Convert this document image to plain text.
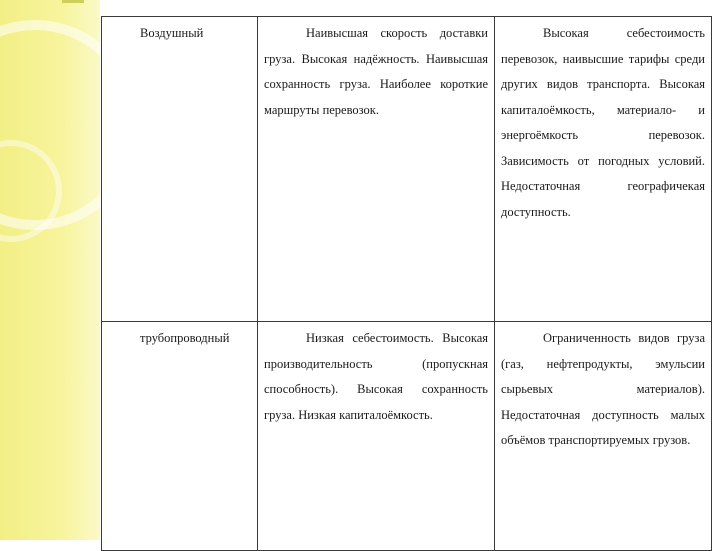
Воздушный	Наивысшая скорость доставки груза. Высокая надёжность. Наивысшая сохранность груза. Наиболее короткие маршруты перевозок.	Высокая себестоимость перевозок, наивысшие тарифы среди других видов транспорта. Высокая капиталоёмкость, материало- и энергоёмкость перевозок. Зависимость от погодных условий. Недостаточная географичекая доступность.
трубопроводный	Низкая себестоимость. Высокая производительность (пропускная способность). Высокая сохранность груза. Низкая капиталоёмкость.	Ограниченность видов груза (газ, нефтепродукты, эмульсии сырьевых материалов). Недостаточная доступность малых объёмов транспортируемых грузов.
